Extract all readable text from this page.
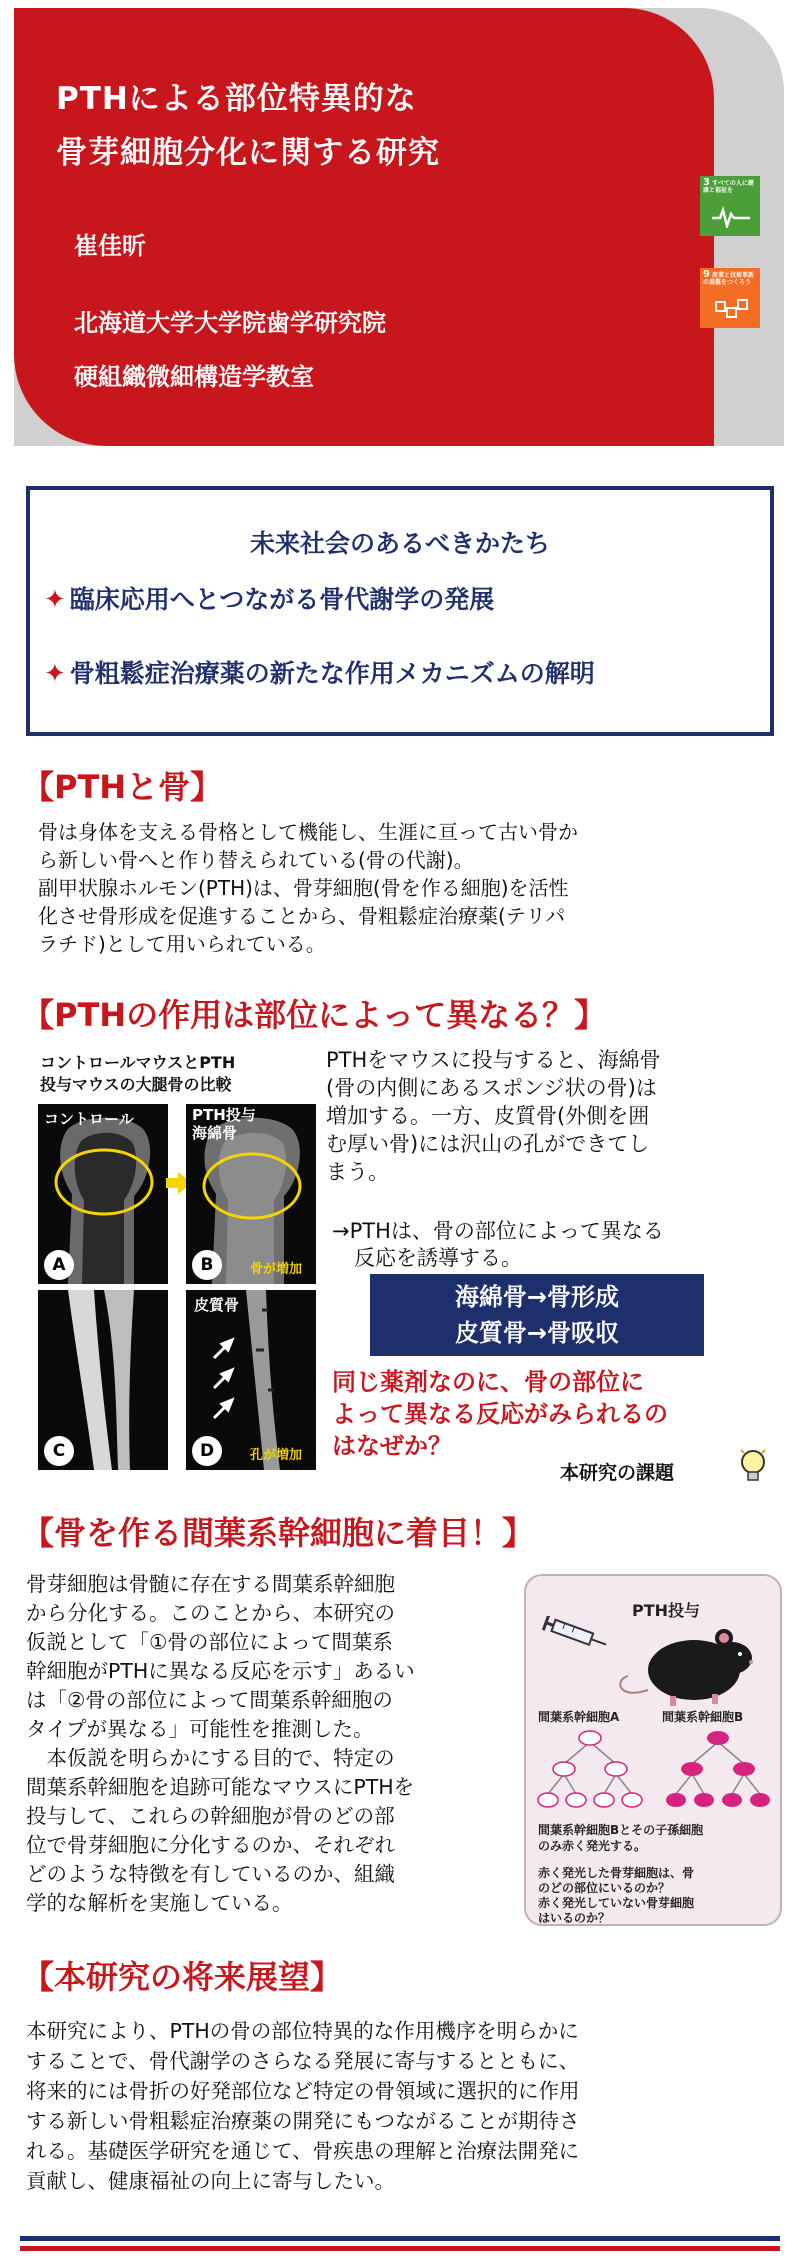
PTHによる部位特異的な
骨芽細胞分化に関する研究
崔佳昕
北海道大学大学院歯学研究院
硬組織微細構造学教室
3 すべての人に健康と福祉を
9 産業と技術革新の基盤をつくろう
未来社会のあるべきかたち
✦ 臨床応用へとつながる骨代謝学の発展
✦ 骨粗鬆症治療薬の新たな作用メカニズムの解明
【PTHと骨】
骨は身体を支える骨格として機能し、生涯に亘って古い骨か
ら新しい骨へと作り替えられている(骨の代謝)。
副甲状腺ホルモン(PTH)は、骨芽細胞(骨を作る細胞)を活性
化させ骨形成を促進することから、骨粗鬆症治療薬(テリパ
ラチド)として用いられている。
【PTHの作用は部位によって異なる？】
コントロールマウスとPTH
投与マウスの大腿骨の比較
コントロール
A
PTH投与
海綿骨
B	骨が増加
C
皮質骨
D	孔が増加
PTHをマウスに投与すると、海綿骨
(骨の内側にあるスポンジ状の骨)は
増加する。一方、皮質骨(外側を囲
む厚い骨)には沢山の孔ができてし
まう。
→PTHは、骨の部位によって異なる
反応を誘導する。
海綿骨→骨形成
皮質骨→骨吸収
同じ薬剤なのに、骨の部位に
よって異なる反応がみられるの
はなぜか？
本研究の課題
【骨を作る間葉系幹細胞に着目！】
骨芽細胞は骨髄に存在する間葉系幹細胞
から分化する。このことから、本研究の
仮説として「①骨の部位によって間葉系
幹細胞がPTHに異なる反応を示す」あるい
は「②骨の部位によって間葉系幹細胞の
タイプが異なる」可能性を推測した。
　本仮説を明らかにする目的で、特定の
間葉系幹細胞を追跡可能なマウスにPTHを
投与して、これらの幹細胞が骨のどの部
位で骨芽細胞に分化するのか、それぞれ
どのような特徴を有しているのか、組織
学的な解析を実施している。
PTH投与
間葉系幹細胞A	間葉系幹細胞B
間葉系幹細胞Bとその子孫細胞
のみ赤く発光する。
赤く発光した骨芽細胞は、骨
のどの部位にいるのか？
赤く発光していない骨芽細胞
はいるのか？
【本研究の将来展望】
本研究により、PTHの骨の部位特異的な作用機序を明らかに
することで、骨代謝学のさらなる発展に寄与するとともに、
将来的には骨折の好発部位など特定の骨領域に選択的に作用
する新しい骨粗鬆症治療薬の開発にもつながることが期待さ
れる。基礎医学研究を通じて、骨疾患の理解と治療法開発に
貢献し、健康福祉の向上に寄与したい。
